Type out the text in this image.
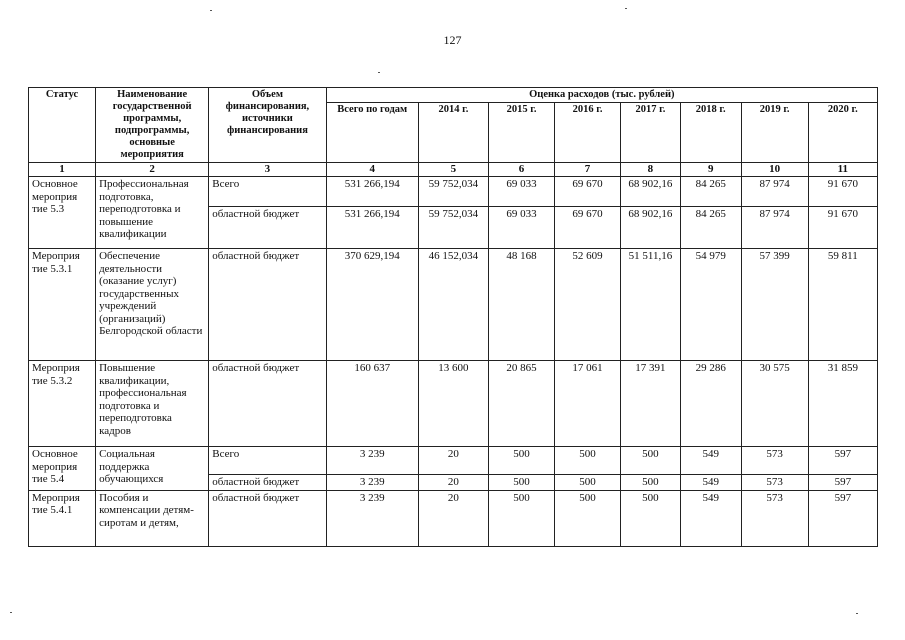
127
Статус	Наименование государственной программы, подпрограммы, основные мероприятия	Объем финансирования, источники финансирования	Оценка расходов (тыс. рублей)							
			Всего по годам	2014 г.	2015 г.	2016 г.	2017 г.	2018 г.	2019 г.	2020 г.
1	2	3	4	5	6	7	8	9	10	11
Основное мероприя тие 5.3	Профессиональная подготовка, переподготовка и повышение квалификации	Всего	531 266,194	59 752,034	69 033	69 670	68 902,16	84 265	87 974	91 670
		областной бюджет	531 266,194	59 752,034	69 033	69 670	68 902,16	84 265	87 974	91 670
Мероприя тие 5.3.1	Обеспечение деятельности (оказание услуг) государственных учреждений (организаций) Белгородской области	областной бюджет	370 629,194	46 152,034	48 168	52 609	51 511,16	54 979	57 399	59 811
Мероприя тие 5.3.2	Повышение квалификации, профессиональная подготовка и переподготовка кадров	областной бюджет	160 637	13 600	20 865	17 061	17 391	29 286	30 575	31 859
Основное мероприя тие 5.4	Социальная поддержка обучающихся	Всего	3 239	20	500	500	500	549	573	597
		областной бюджет	3 239	20	500	500	500	549	573	597
Мероприя тие 5.4.1	Пособия и компенсации детям-сиротам и детям,	областной бюджет	3 239	20	500	500	500	549	573	597
